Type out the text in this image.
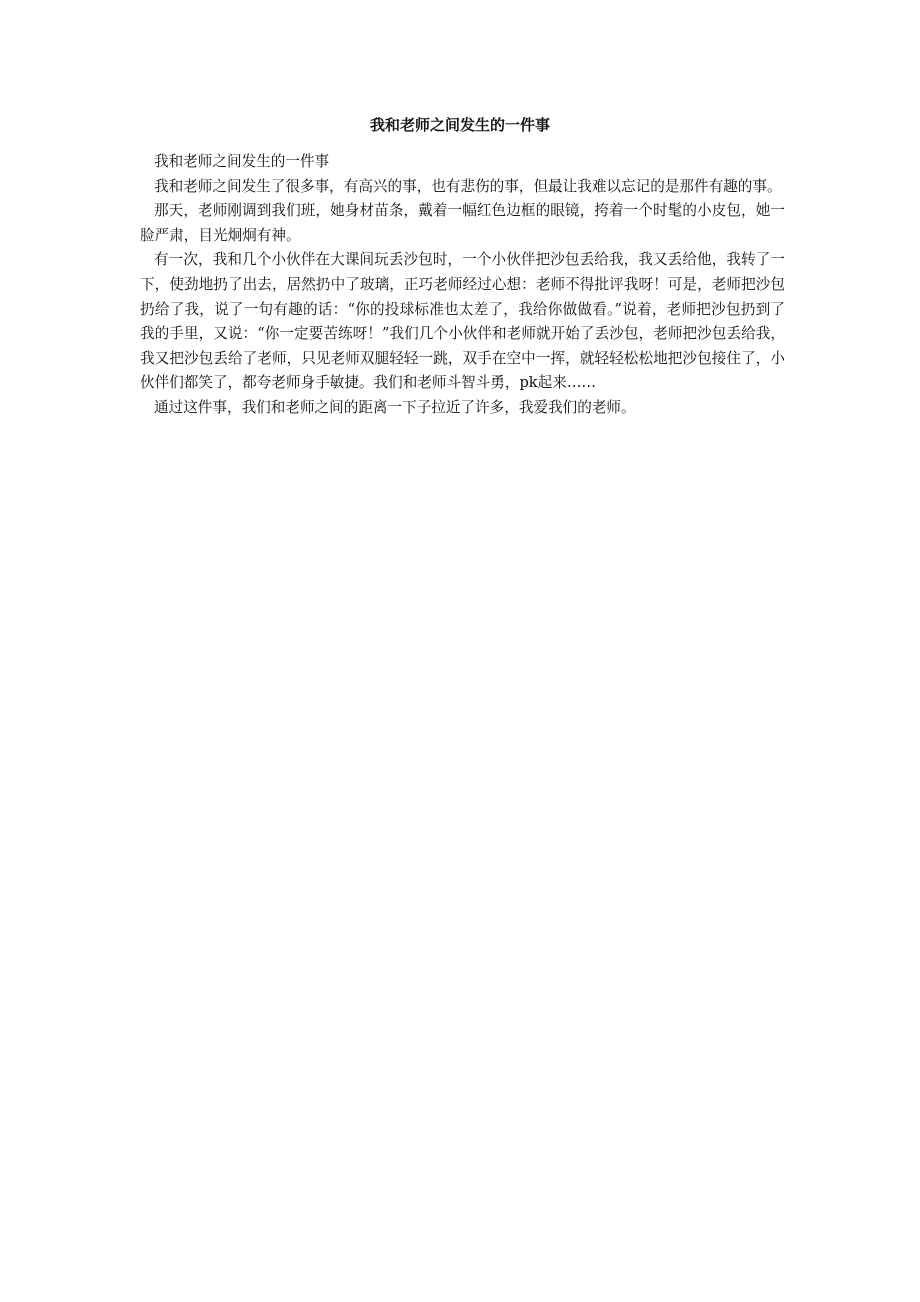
我和老师之间发生的一件事

我和老师之间发生的一件事

我和老师之间发生了很多事，有高兴的事，也有悲伤的事，但最让我难以忘记的是那件有趣的事。

那天，老师刚调到我们班，她身材苗条，戴着一幅红色边框的眼镜，挎着一个时髦的小皮包，她一脸严肃，目光炯炯有神。

有一次，我和几个小伙伴在大课间玩丢沙包时，一个小伙伴把沙包丢给我，我又丢给他，我转了一下，使劲地扔了出去，居然扔中了玻璃，正巧老师经过心想：老师不得批评我呀！可是，老师把沙包扔给了我，说了一句有趣的话：“你的投球标准也太差了，我给你做做看。”说着，老师把沙包扔到了我的手里，又说：“你一定要苦练呀！”我们几个小伙伴和老师就开始了丢沙包，老师把沙包丢给我，我又把沙包丢给了老师，只见老师双腿轻轻一跳，双手在空中一挥，就轻轻松松地把沙包接住了，小伙伴们都笑了，都夸老师身手敏捷。我们和老师斗智斗勇，pk起来……

通过这件事，我们和老师之间的距离一下子拉近了许多，我爱我们的老师。
